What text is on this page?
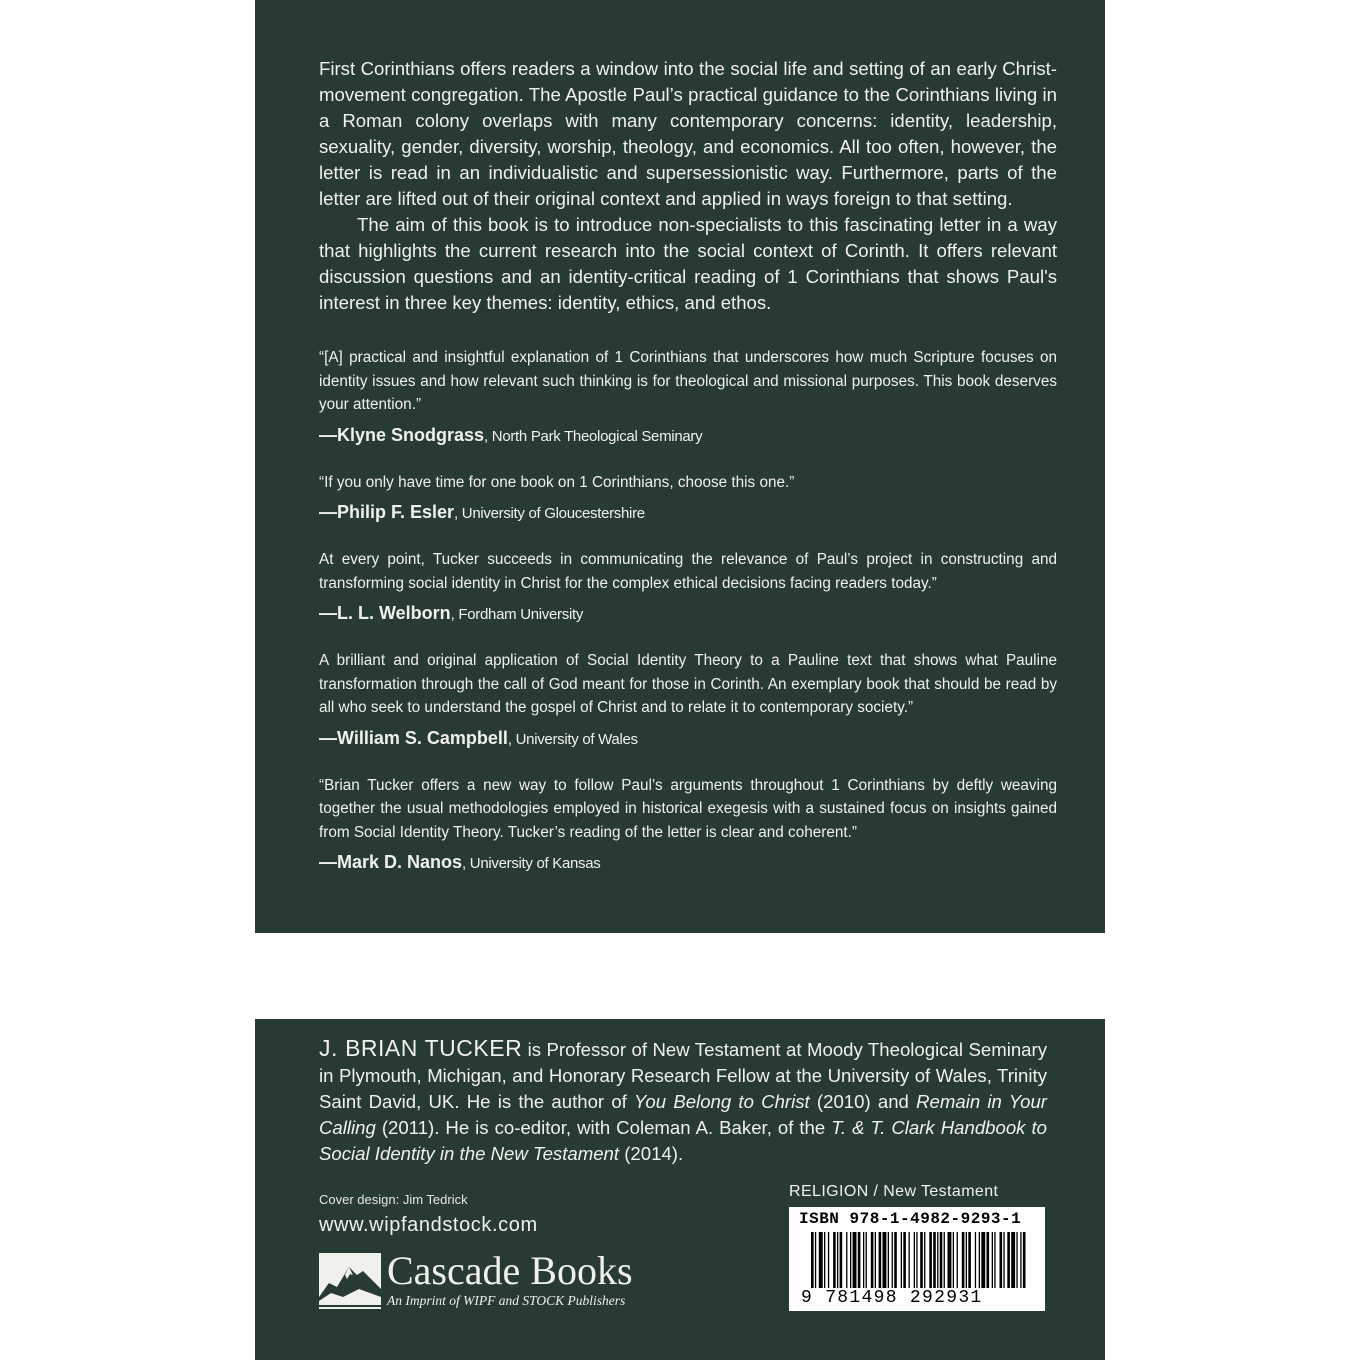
First Corinthians offers readers a window into the social life and setting of an early Christ-movement congregation. The Apostle Paul’s practical guidance to the Corinthians living in a Roman colony overlaps with many contemporary concerns: identity, leadership, sexuality, gender, diversity, worship, theology, and economics. All too often, however, the letter is read in an individualistic and supersessionistic way. Furthermore, parts of the letter are lifted out of their original context and applied in ways foreign to that setting.

The aim of this book is to introduce non-specialists to this fascinating letter in a way that highlights the current research into the social context of Corinth. It offers relevant discussion questions and an identity-critical reading of 1 Corinthians that shows Paul's interest in three key themes: identity, ethics, and ethos.

“[A] practical and insightful explanation of 1 Corinthians that underscores how much Scripture focuses on identity issues and how relevant such thinking is for theological and missional purposes. This book deserves your attention.”

—Klyne Snodgrass, North Park Theological Seminary

“If you only have time for one book on 1 Corinthians, choose this one.”

—Philip F. Esler, University of Gloucestershire

At every point, Tucker succeeds in communicating the relevance of Paul’s project in constructing and transforming social identity in Christ for the complex ethical decisions facing readers today.”

—L. L. Welborn, Fordham University

A brilliant and original application of Social Identity Theory to a Pauline text that shows what Pauline transformation through the call of God meant for those in Corinth. An exemplary book that should be read by all who seek to understand the gospel of Christ and to relate it to contemporary society.”

—William S. Campbell, University of Wales

“Brian Tucker offers a new way to follow Paul’s arguments throughout 1 Corinthians by deftly weaving together the usual methodologies employed in historical exegesis with a sustained focus on insights gained from Social Identity Theory. Tucker’s reading of the letter is clear and coherent.”

—Mark D. Nanos, University of Kansas

J. BRIAN TUCKER is Professor of New Testament at Moody Theological Seminary in Plymouth, Michigan, and Honorary Research Fellow at the University of Wales, Trinity Saint David, UK. He is the author of You Belong to Christ (2010) and Remain in Your Calling (2011). He is co-editor, with Coleman A. Baker, of the T. & T. Clark Handbook to Social Identity in the New Testament (2014).

Cover design: Jim Tedrick
www.wipfandstock.com
Cascade Books
An Imprint of WIPF and STOCK Publishers
RELIGION / New Testament
ISBN 978-1-4982-9293-1
9 781498 292931
